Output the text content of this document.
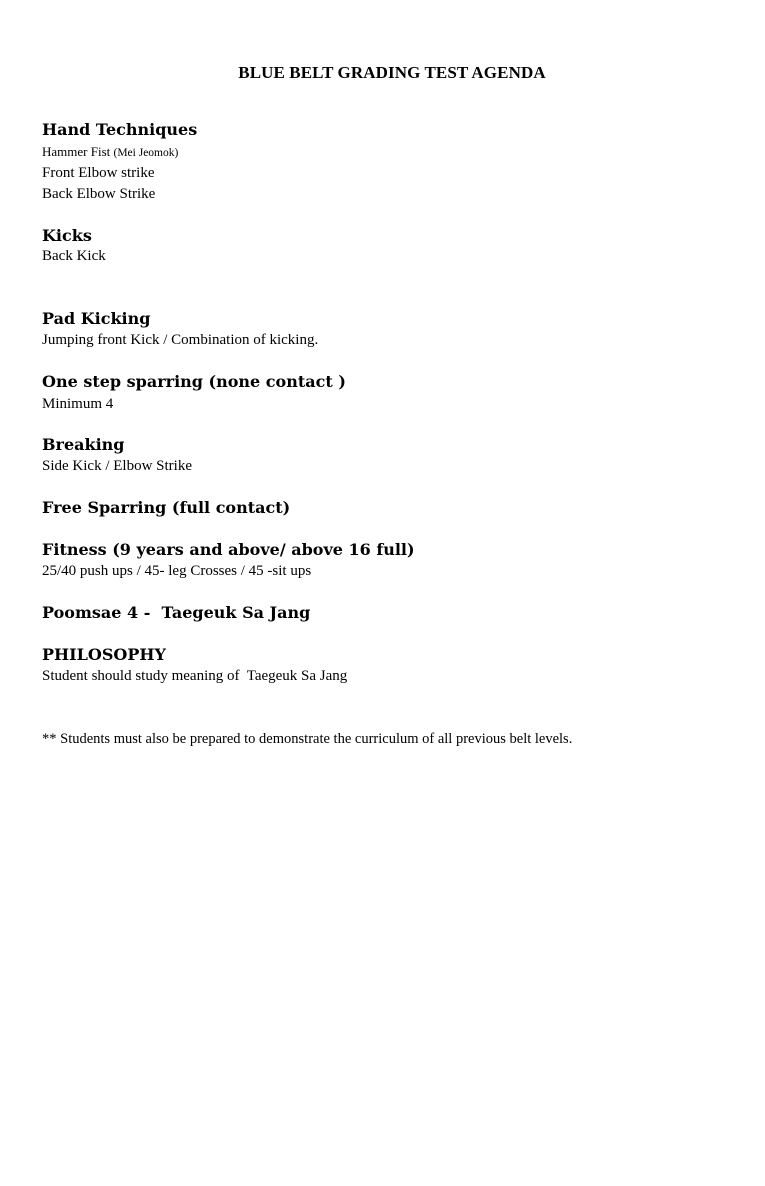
BLUE BELT GRADING TEST AGENDA

Hand Techniques

Hammer Fist (Mei Jeomok)

Front Elbow strike

Back Elbow Strike

Kicks

Back Kick

Pad Kicking

Jumping front Kick / Combination of kicking.

One step sparring (none contact )

Minimum 4

Breaking

Side Kick / Elbow Strike

Free Sparring (full contact)

Fitness (9 years and above/ above 16 full)

25/40 push ups / 45- leg Crosses / 45 -sit ups

Poomsae 4 -  Taegeuk Sa Jang

PHILOSOPHY

Student should study meaning of  Taegeuk Sa Jang

** Students must also be prepared to demonstrate the curriculum of all previous belt levels.
